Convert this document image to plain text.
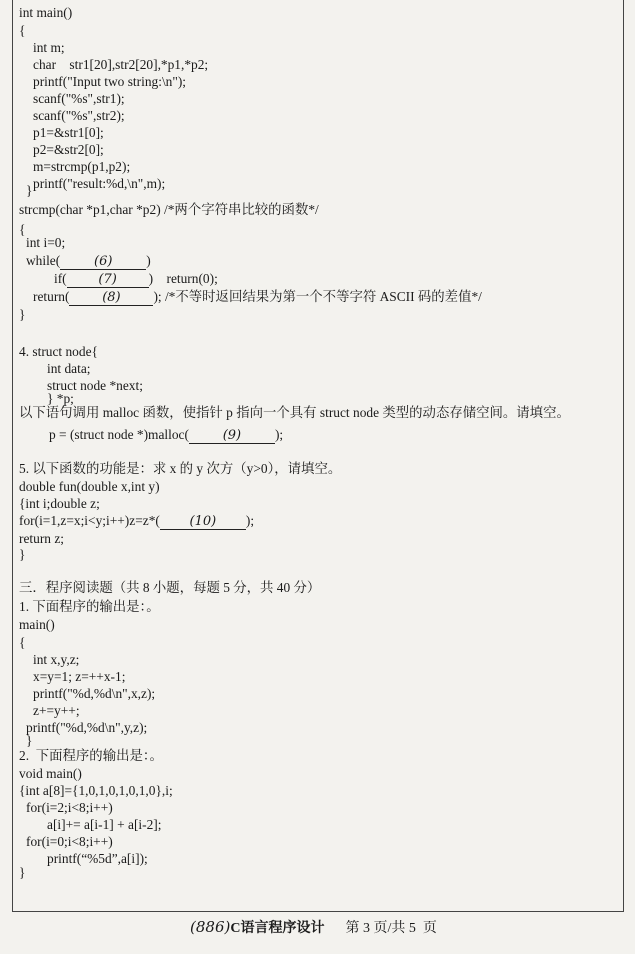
int main()
{
int m;
char    str1[20],str2[20],*p1,*p2;
printf("Input two string:\n");
scanf("%s",str1);
scanf("%s",str2);
p1=&str1[0];
p2=&str2[0];
m=strcmp(p1,p2);
printf("result:%d,\n",m);
}
strcmp(char *p1,char *p2) /*两个字符串比较的函数*/
{
int i=0;
while(	(6)	)
if( (7) )    return(0);
return(	(8) ); /*不等时返回结果为第一个不等字符 ASCII 码的差值*/
}
4. struct node{
int data;
struct node *next;
} *p;
以下语句调用 malloc 函数，使指针 p 指向一个具有 struct node 类型的动态存储空间。请填空。
p = (struct node *)malloc(	(9)	);
5. 以下函数的功能是：求 x 的 y 次方（y>0），请填空。
double fun(double x,int y)
{int i;double z;
for(i=1,z=x;i<y;i++)z=z*( (10) );
return z;
}
三．程序阅读题（共 8 小题，每题 5 分，共 40 分）
1. 下面程序的输出是：。
main()
{
int x,y,z;
x=y=1; z=++x-1;
printf("%d,%d\n",x,z);
z+=y++;
printf("%d,%d\n",y,z);
}
2.  下面程序的输出是：。
void main()
{int a[8]={1,0,1,0,1,0,1,0},i;
for(i=2;i<8;i++)
a[i]+= a[i-1] + a[i-2];
for(i=0;i<8;i++)
printf(“%5d”,a[i]);
}
(886)C语言程序设计 第 3 页/共 5  页
